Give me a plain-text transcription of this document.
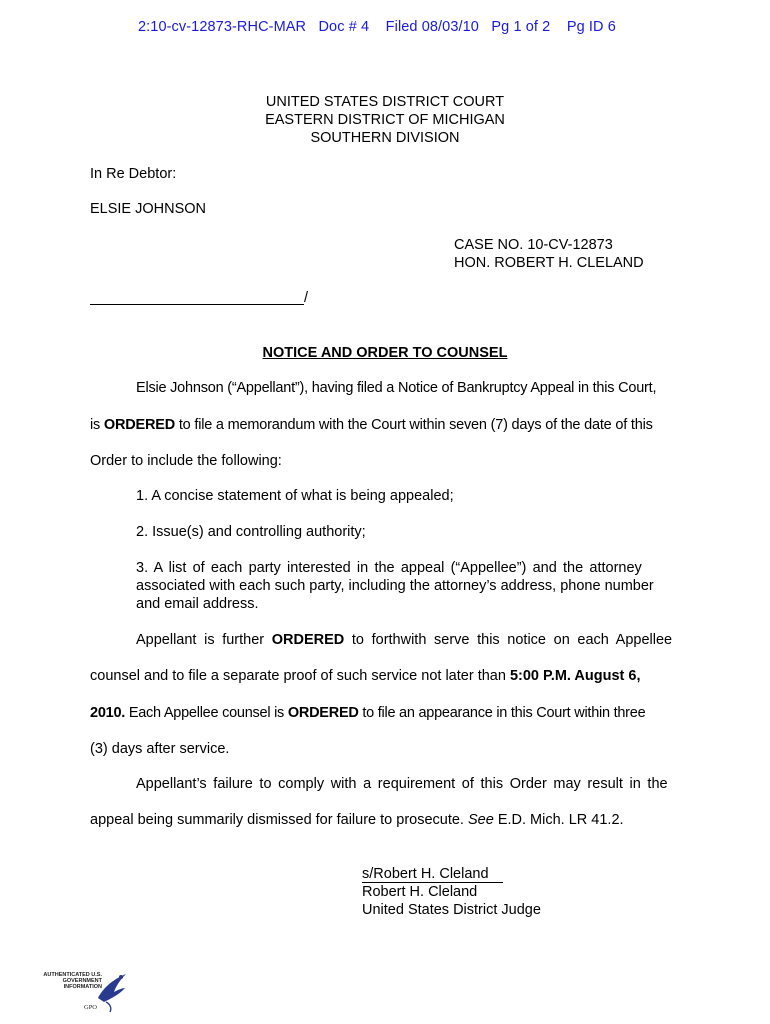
2:10-cv-12873-RHC-MAR Doc # 4 Filed 08/03/10 Pg 1 of 2 Pg ID 6
UNITED STATES DISTRICT COURT
EASTERN DISTRICT OF MICHIGAN
SOUTHERN DIVISION
In Re Debtor:
ELSIE JOHNSON
CASE NO. 10-CV-12873
HON. ROBERT H. CLELAND
/
NOTICE AND ORDER TO COUNSEL
Elsie Johnson (“Appellant”), having filed a Notice of Bankruptcy Appeal in this Court,
is ORDERED to file a memorandum with the Court within seven (7) days of the date of this
Order to include the following:
1. A concise statement of what is being appealed;
2. Issue(s) and controlling authority;
3. A list of each party interested in the appeal (“Appellee”) and the attorney
associated with each such party, including the attorney’s address, phone number
and email address.
Appellant is further ORDERED to forthwith serve this notice on each Appellee
counsel and to file a separate proof of such service not later than 5:00 P.M. August 6,
2010. Each Appellee counsel is ORDERED to file an appearance in this Court within three
(3) days after service.
Appellant’s failure to comply with a requirement of this Order may result in the
appeal being summarily dismissed for failure to prosecute. See E.D. Mich. LR 41.2.
s/Robert H. Cleland
Robert H. Cleland
United States District Judge
AUTHENTICATED U.S. GOVERNMENT INFORMATION
GPO
